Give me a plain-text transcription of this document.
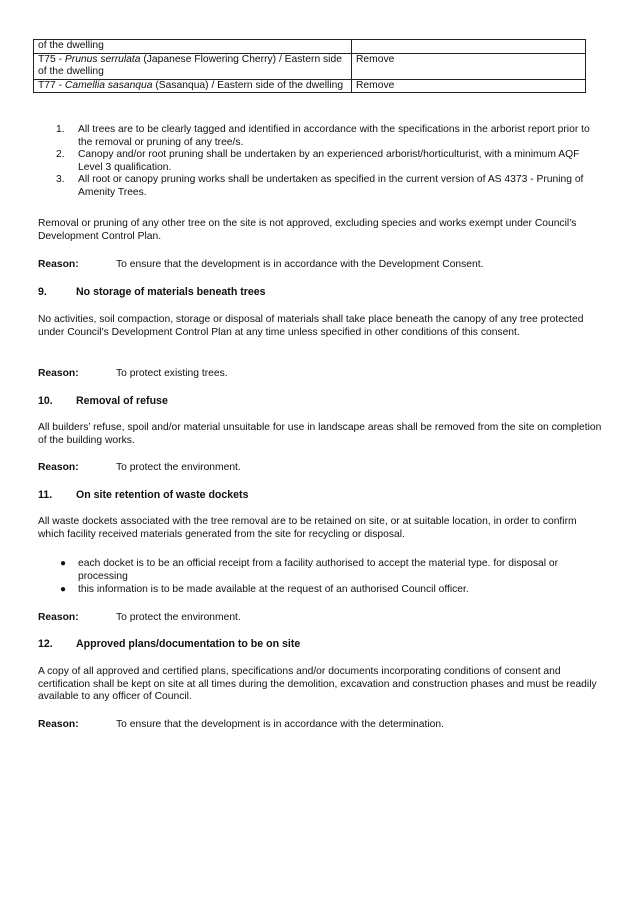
of the dwelling	
T75 - Prunus serrulata (Japanese Flowering Cherry) / Eastern side of the dwelling	Remove
T77 - Camellia sasanqua (Sasanqua) / Eastern side of the dwelling	Remove
1. All trees are to be clearly tagged and identified in accordance with the specifications in the arborist report prior to the removal or pruning of any tree/s.
2. Canopy and/or root pruning shall be undertaken by an experienced arborist/horticulturist, with a minimum AQF Level 3 qualification.
3. All root or canopy pruning works shall be undertaken as specified in the current version of AS 4373 - Pruning of Amenity Trees.

Removal or pruning of any other tree on the site is not approved, excluding species and works exempt under Council’s Development Control Plan.

Reason:	To ensure that the development is in accordance with the Development Consent.
9.	No storage of materials beneath trees

No activities, soil compaction, storage or disposal of materials shall take place beneath the canopy of any tree protected under Council’s Development Control Plan at any time unless specified in other conditions of this consent.

Reason:	To protect existing trees.
10. Removal of refuse

All builders’ refuse, spoil and/or material unsuitable for use in landscape areas shall be removed from the site on completion of the building works.

Reason:	To protect the environment.
11. On site retention of waste dockets

All waste dockets associated with the tree removal are to be retained on site, or at suitable location, in order to confirm which facility received materials generated from the site for recycling or disposal.

● each docket is to be an official receipt from a facility authorised to accept the material type. for disposal or processing
● this information is to be made available at the request of an authorised Council officer.
Reason:	To protect the environment.
12. Approved plans/documentation to be on site

A copy of all approved and certified plans, specifications and/or documents incorporating conditions of consent and certification shall be kept on site at all times during the demolition, excavation and construction phases and must be readily available to any officer of Council.

Reason:	To ensure that the development is in accordance with the determination.
